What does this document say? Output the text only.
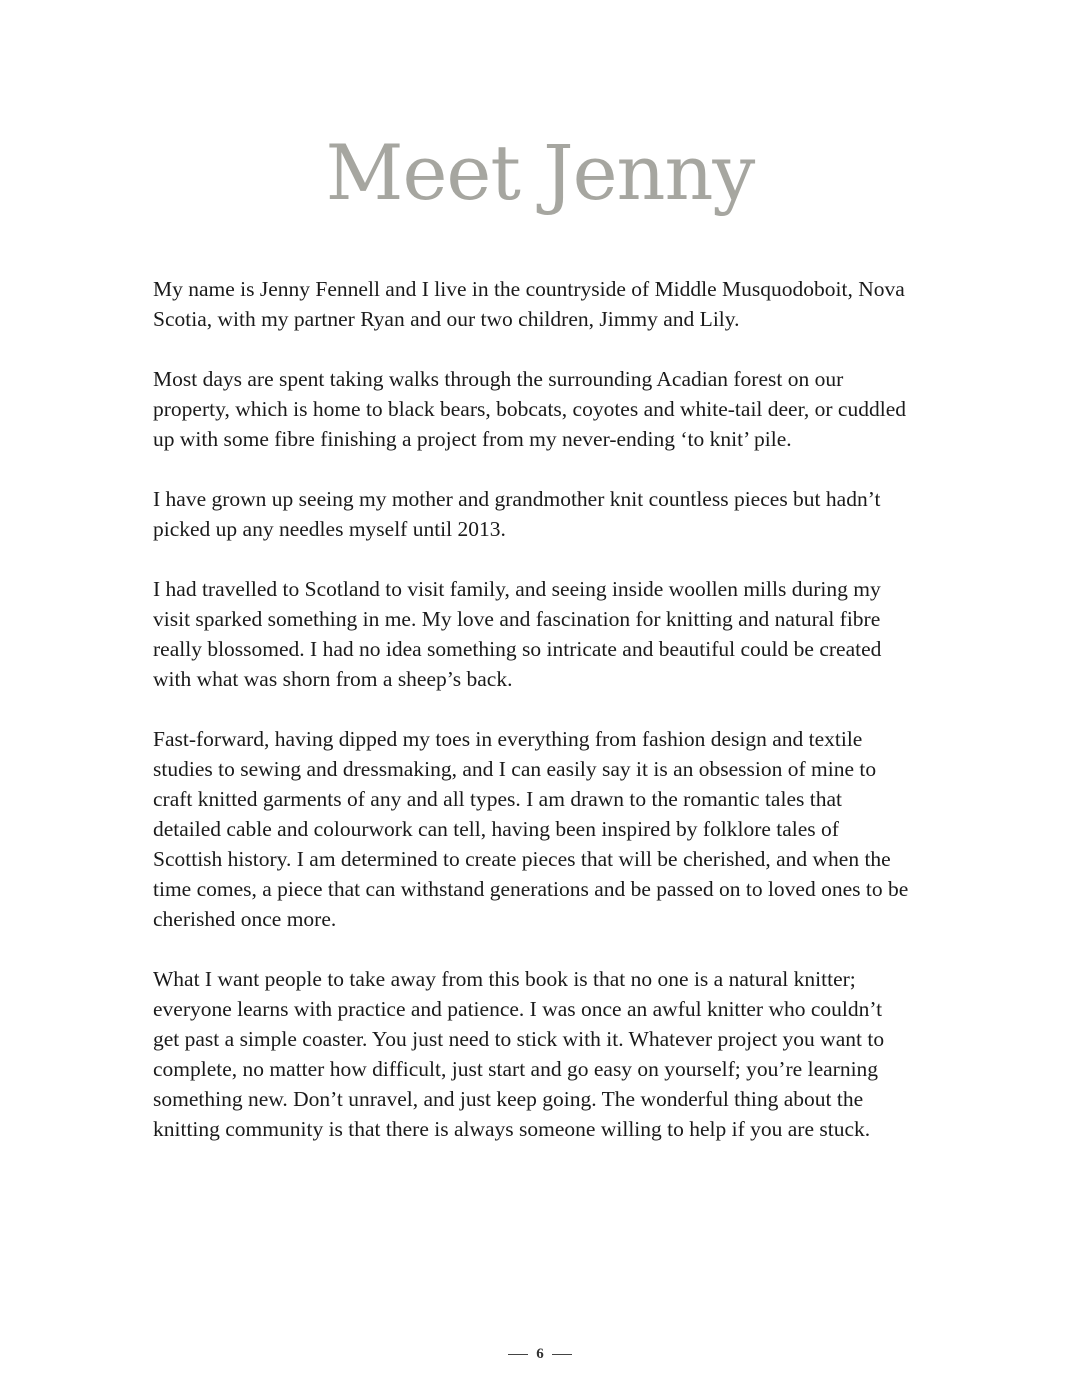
Meet Jenny

My name is Jenny Fennell and I live in the countryside of Middle Musquodoboit, Nova Scotia, with my partner Ryan and our two children, Jimmy and Lily.

Most days are spent taking walks through the surrounding Acadian forest on our property, which is home to black bears, bobcats, coyotes and white-tail deer, or cuddled up with some fibre finishing a project from my never-ending ‘to knit’ pile.

I have grown up seeing my mother and grandmother knit countless pieces but hadn’t picked up any needles myself until 2013.

I had travelled to Scotland to visit family, and seeing inside woollen mills during my visit sparked something in me. My love and fascination for knitting and natural fibre really blossomed. I had no idea something so intricate and beautiful could be created with what was shorn from a sheep’s back.

Fast-forward, having dipped my toes in everything from fashion design and textile studies to sewing and dressmaking, and I can easily say it is an obsession of mine to craft knitted garments of any and all types. I am drawn to the romantic tales that detailed cable and colourwork can tell, having been inspired by folklore tales of Scottish history. I am determined to create pieces that will be cherished, and when the time comes, a piece that can withstand generations and be passed on to loved ones to be cherished once more.

What I want people to take away from this book is that no one is a natural knitter; everyone learns with practice and patience. I was once an awful knitter who couldn’t get past a simple coaster. You just need to stick with it. Whatever project you want to complete, no matter how difficult, just start and go easy on yourself; you’re learning something new. Don’t unravel, and just keep going. The wonderful thing about the knitting community is that there is always someone willing to help if you are stuck.

6
